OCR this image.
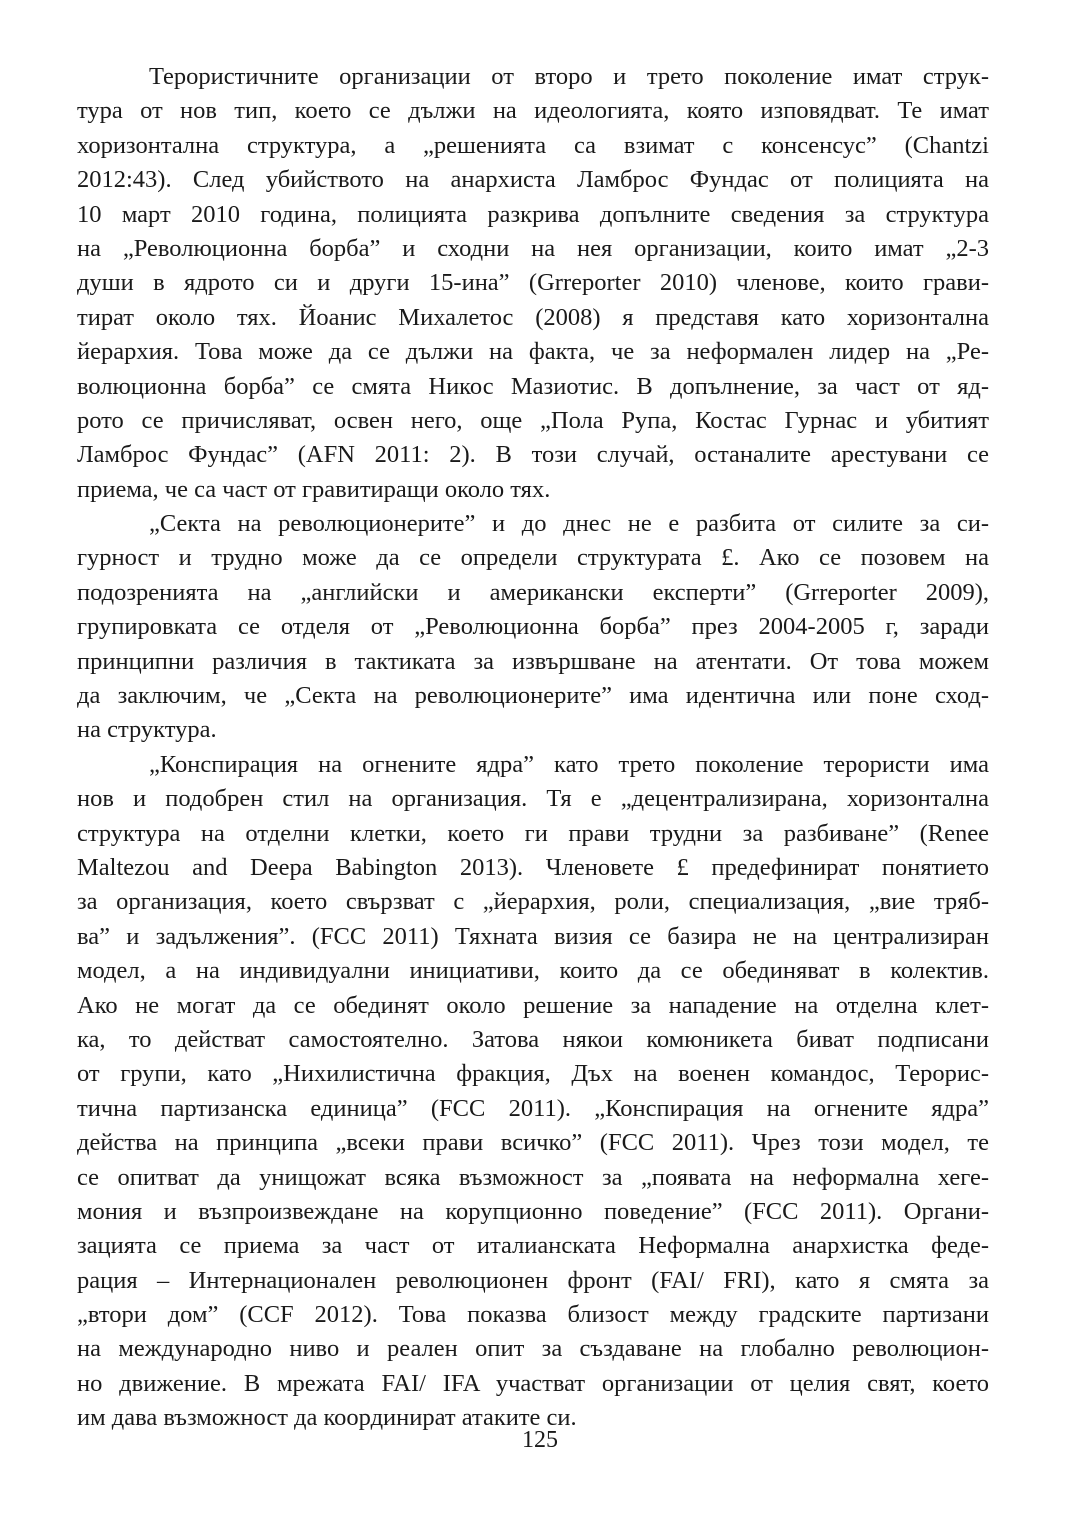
Терористичните организации от второ и трето поколение имат струк-
тура от нов тип, което се дължи на идеологията, която изповядват. Те имат
хоризонтална структура, а „решенията са взимат с консенсус” (Chantzi
2012:43). След убийството на анархиста Ламброс Фундас от полицията на
10 март 2010 година, полицията разкрива допълните сведения за структура
на „Революционна борба” и сходни на нея организации, които имат „2-3
души в ядрото си и други 15-ина” (Grreporter 2010) членове, които грави-
тират около тях. Йоанис Михалетос (2008) я представя като хоризонтална
йерархия. Това може да се дължи на факта, че за неформален лидер на „Ре-
волюционна борба” се смята Никос Мазиотис. В допълнение, за част от яд-
рото се причисляват, освен него, още „Пола Рупа, Костас Гурнас и убитият
Ламброс Фундас” (AFN 2011: 2). В този случай, останалите арестувани се
приема, че са част от гравитиращи около тях.
„Секта на революционерите” и до днес не е разбита от силите за си-
гурност и трудно може да се определи структурата £. Ако се позовем на
подозренията на „английски и американски експерти” (Grreporter 2009),
групировката се отделя от „Революционна борба” през 2004-2005 г, заради
принципни различия в тактиката за извършване на атентати. От това можем
да заключим, че „Секта на революционерите” има идентична или поне сход-
на структура.
„Конспирация на огнените ядра” като трето поколение терористи има
нов и подобрен стил на организация. Тя е „децентрализирана, хоризонтална
структура на отделни клетки, което ги прави трудни за разбиване” (Renee
Maltezou and Deepa Babington 2013). Членовете £ предефинират понятието
за организация, което свързват с „йерархия, роли, специализация, „вие тряб-
ва” и задължения”. (FCC 2011) Тяхната визия се базира не на централизиран
модел, а на индивидуални инициативи, които да се обединяват в колектив.
Ако не могат да се обединят около решение за нападение на отделна клет-
ка, то действат самостоятелно. Затова някои комюникета биват подписани
от групи, като „Нихилистична фракция, Дъх на военен командос, Терорис-
тична партизанска единица” (FCC 2011). „Конспирация на огнените ядра”
действа на принципа „всеки прави всичко” (FCC 2011). Чрез този модел, те
се опитват да унищожат всяка възможност за „появата на неформална хеге-
мония и възпроизвеждане на корупционно поведение” (FCC 2011). Органи-
зацията се приема за част от италианската Неформална анархистка феде-
рация – Интернационален революционен фронт (FAI/ FRI), като я смята за
„втори дом” (CCF 2012). Това показва близост между градските партизани
на международно ниво и реален опит за създаване на глобално революцион-
но движение. В мрежата FAI/ IFA участват организации от целия свят, което
им дава възможност да координират атаките си.
125
